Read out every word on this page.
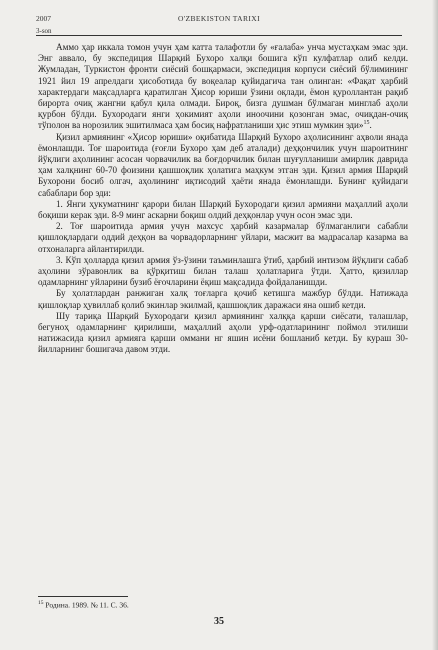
2007	O'ZBEKISTON TARIXI
3-son

Аммо ҳар иккала томон учун ҳам катта талафотли бу «ғалаба» унча мустаҳкам эмас эди. Энг аввало, бу экспедиция Шарқий Бухоро халқи бошига кўп кулфатлар олиб келди. Жумладан, Туркистон фронти сиёсий бошқармаси, экспедиция корпуси сиёсий бўлимининг 1921 йил 19 апрелдаги ҳисоботида бу воқеалар қуйидагича тан олинган: «Фақат ҳарбий характердаги мақсадларга қаратилган Ҳисор юриши ўзини оқлади, ёмон қуроллантан рақиб бирорта очиқ жангни қабул қила олмади. Бироқ, бизга душман бўлмаган минглаб аҳоли қурбон бўлди. Бухородаги янги ҳокимият аҳоли иноочини қозонган эмас, очиқдан-очиқ тўполон ва норозилик эшитилмаса ҳам босиқ нафратланиши ҳис этиш мумкин эди»$^{15}$.

Қизил армиянинг «Ҳисор юриши» оқибатида Шарқий Бухоро аҳолисининг аҳволи янада ёмонлашди. Тоғ шароитида (ғоғли Бухоро ҳам деб аталади) деҳқончилик учун шароитнинг йўқлиги аҳолининг асосан чорвачилик ва боғдорчилик билан шуғулланиши амирлик даврида ҳам халқнинг 60-70 фоизини қашшоқлик ҳолатига маҳкум этган эди. Қизил армия Шарқий Бухорони босиб олгач, аҳолининг иқтисодий ҳаёти янада ёмонлашди. Бунинг қуйидаги сабаблари бор эди:

1. Янги ҳукуматнинг қарори билан Шарқий Бухородаги қизил армияни маҳаллий аҳоли боқиши керак эди. 8-9 минг аскарни боқиш олдий деҳқонлар учун осон эмас эди.

2. Тоғ шароитида армия учун махсус ҳарбий казармалар бўлмаганлиги сабабли қишлоқлардаги оддий деҳқон ва чорвадорларнинг уйлари, масжит ва мадрасалар казарма ва отхоналарга айлантирилди.

3. Кўп ҳолларда қизил армия ўз-ўзини таъминлашга ўтиб, ҳарбий интизом йўқлиги сабаб аҳолини зўравонлик ва қўрқитиш билан талаш ҳолатларига ўтди. Ҳатто, қизиллар одамларнинг уйларини бузиб ёғочларини ёқиш мақсадида фойдаланишди.

Бу ҳолатлардан ранжиган халқ тоғларга қочиб кетишга мажбур бўлди. Натижада қишлоқлар ҳувиллаб қолиб экинлар экилмай, қашшоқлик даражаси яна ошиб кетди.

Шу тариқа Шарқий Бухородаги қизил армиянинг халққа қарши сиёсати, талашлар, бегуноҳ одамларнинг қирилиши, маҳаллий аҳоли урф-одатларининг поймол этилиши натижасида қизил армияга қарши оммани нг яшин исёни бошланиб кетди. Бу кураш 30-йилларнинг бошигача давом этди.

$^{15}$ Родина. 1989. № 11. С. 36.
35
